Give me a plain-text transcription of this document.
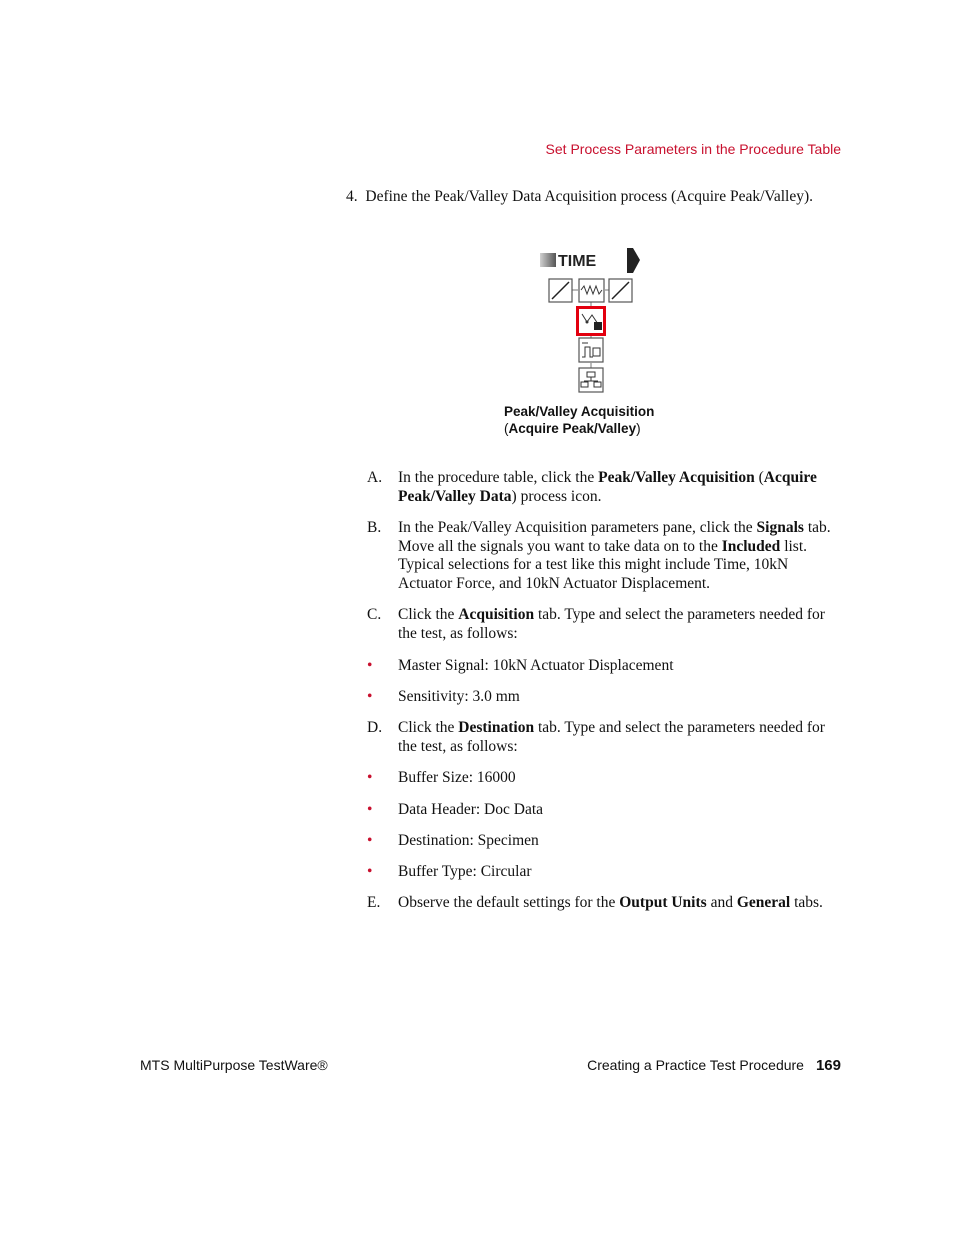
Set Process Parameters in the Procedure Table
4. Define the Peak/Valley Data Acquisition process (Acquire Peak/Valley).
TIME
Peak/Valley Acquisition
(Acquire Peak/Valley)
A. In the procedure table, click the Peak/Valley Acquisition (Acquire Peak/Valley Data) process icon.
B. In the Peak/Valley Acquisition parameters pane, click the Signals tab. Move all the signals you want to take data on to the Included list. Typical selections for a test like this might include Time, 10kN Actuator Force, and 10kN Actuator Displacement.
C. Click the Acquisition tab. Type and select the parameters needed for the test, as follows:
• Master Signal: 10kN Actuator Displacement
• Sensitivity: 3.0 mm
D. Click the Destination tab. Type and select the parameters needed for the test, as follows:
• Buffer Size: 16000
• Data Header: Doc Data
• Destination: Specimen
• Buffer Type: Circular
E. Observe the default settings for the Output Units and General tabs.
MTS MultiPurpose TestWare®	Creating a Practice Test Procedure 169
